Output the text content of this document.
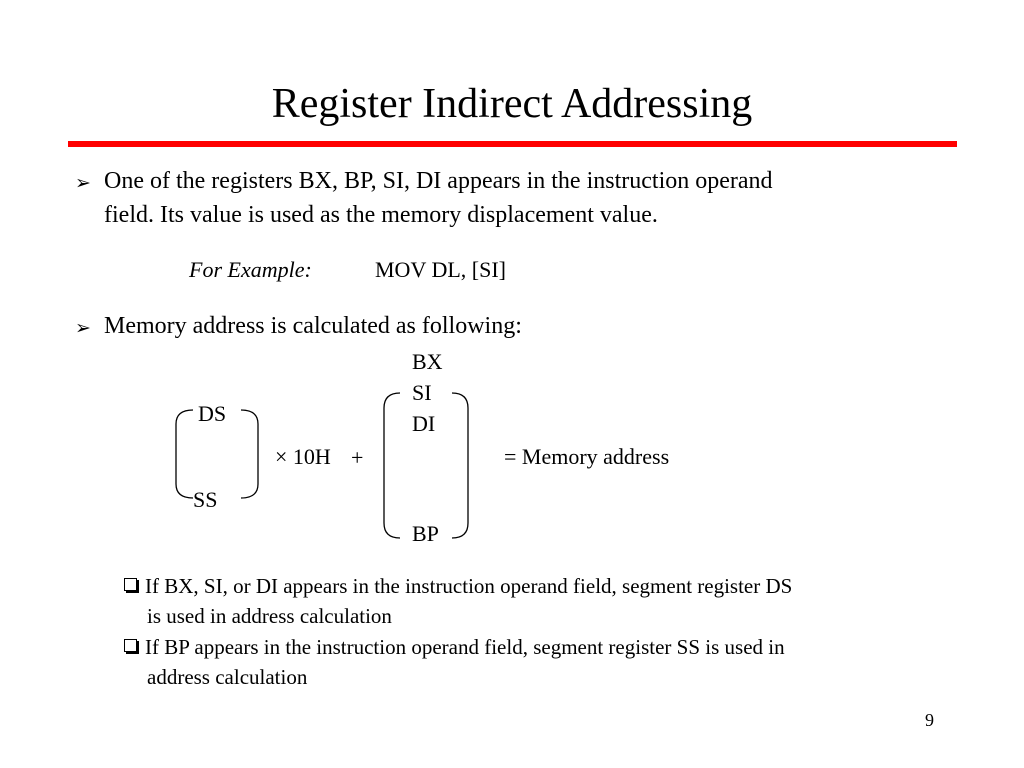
Register Indirect Addressing
➢ One of the registers BX, BP, SI, DI appears in the instruction operand
field. Its value is used as the memory displacement value.
For Example:	MOV DL, [SI]
➢ Memory address is calculated as following:
DS
SS
× 10H +
BX
SI
DI
BP
= Memory address
If BX, SI, or DI appears in the instruction operand field, segment register DS
is used in address calculation
If BP appears in the instruction operand field, segment register SS is used in
address calculation
9
